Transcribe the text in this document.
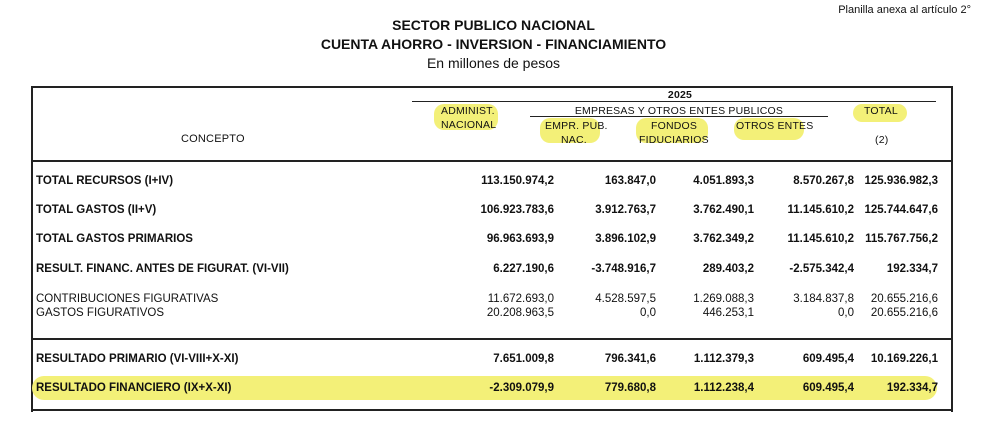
Planilla anexa al artículo 2°
SECTOR PUBLICO NACIONAL
CUENTA AHORRO - INVERSION - FINANCIAMIENTO
En millones de pesos
2025
ADMINIST.
NACIONAL
EMPRESAS Y OTROS ENTES PUBLICOS
EMPR. PUB.
NAC.
FONDOS
FIDUCIARIOS
OTROS ENTES
TOTAL
(2)
CONCEPTO
TOTAL RECURSOS (I+IV)	113.150.974,2	163.847,0	4.051.893,3	8.570.267,8 125.936.982,3
TOTAL GASTOS (II+V)	106.923.783,6	3.912.763,7	3.762.490,1	11.145.610,2 125.744.647,6
TOTAL GASTOS PRIMARIOS	96.963.693,9	3.896.102,9	3.762.349,2	11.145.610,2 115.767.756,2
RESULT. FINANC. ANTES DE FIGURAT. (VI-VII)	6.227.190,6	-3.748.916,7	289.403,2	-2.575.342,4	192.334,7
CONTRIBUCIONES FIGURATIVAS	11.672.693,0	4.528.597,5	1.269.088,3	3.184.837,8 20.655.216,6
GASTOS FIGURATIVOS	20.208.963,5	0,0	446.253,1	0,0 20.655.216,6
RESULTADO PRIMARIO (VI-VIII+X-XI)	7.651.009,8	796.341,6	1.112.379,3	609.495,4 10.169.226,1
RESULTADO FINANCIERO (IX+X-XI)	-2.309.079,9	779.680,8	1.112.238,4	609.495,4	192.334,7
